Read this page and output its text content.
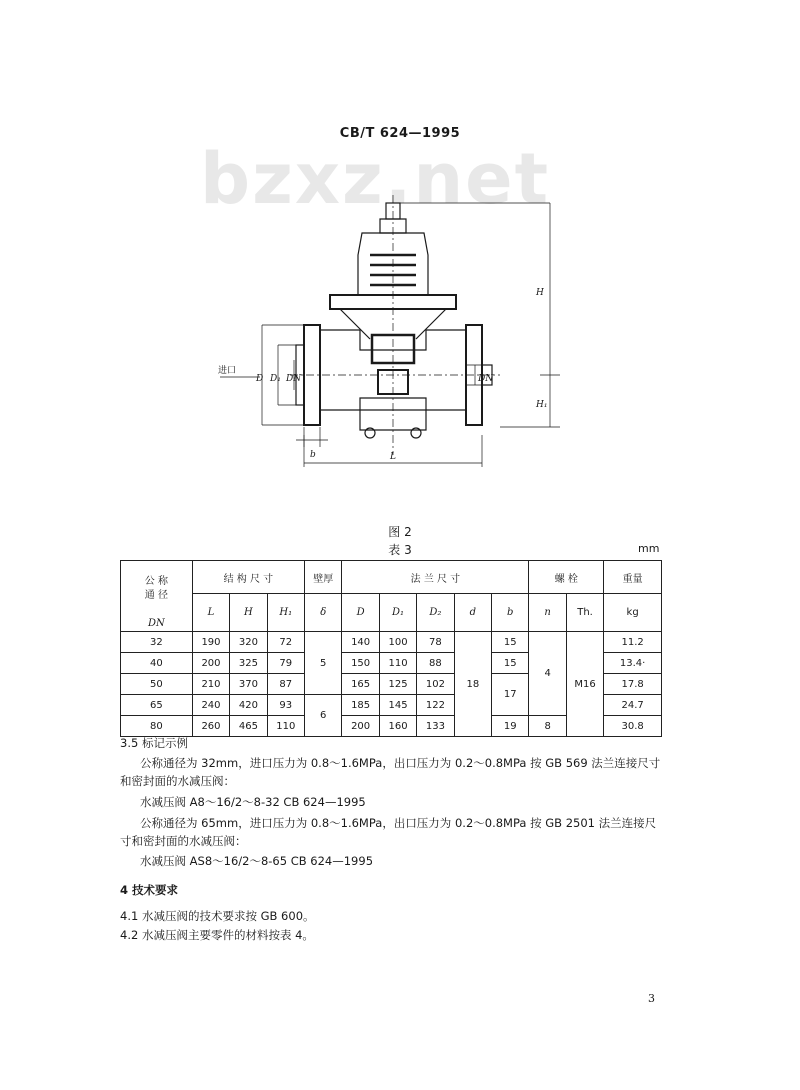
CB/T 624—1995
bzxz.net
进口
D D₁ DN	DN
H
H₁
b	L
图 2
表 3	mm

公 称
通 径

DN	结 构 尺 寸			壁厚	法 兰 尺 寸					螺 栓		重量
	L	H	H₁	δ	D	D₁	D₂	d	b	n	Th.	kg
32	190	320	72	5	140	100	78	18	15	4	M16	11.2
40	200	325	79		150	110	88		15			13.4·
50	210	370	87		165	125	102		17			17.8
65	240	420	93	6	185	145	122					24.7
80	260	465	110		200	160	133		19	8		30.8
3.5 标记示例
公称通径为 32mm，进口压力为 0.8～1.6MPa，出口压力为 0.2～0.8MPa 按 GB 569 法兰连接尺寸
和密封面的水减压阀：
水减压阀 A8～16/2～8-32 CB 624—1995
公称通径为 65mm，进口压力为 0.8～1.6MPa，出口压力为 0.2～0.8MPa 按 GB 2501 法兰连接尺
寸和密封面的水减压阀：
水减压阀 AS8～16/2～8-65 CB 624—1995
4 技术要求
4.1 水减压阀的技术要求按 GB 600。
4.2 水减压阀主要零件的材料按表 4。
3
